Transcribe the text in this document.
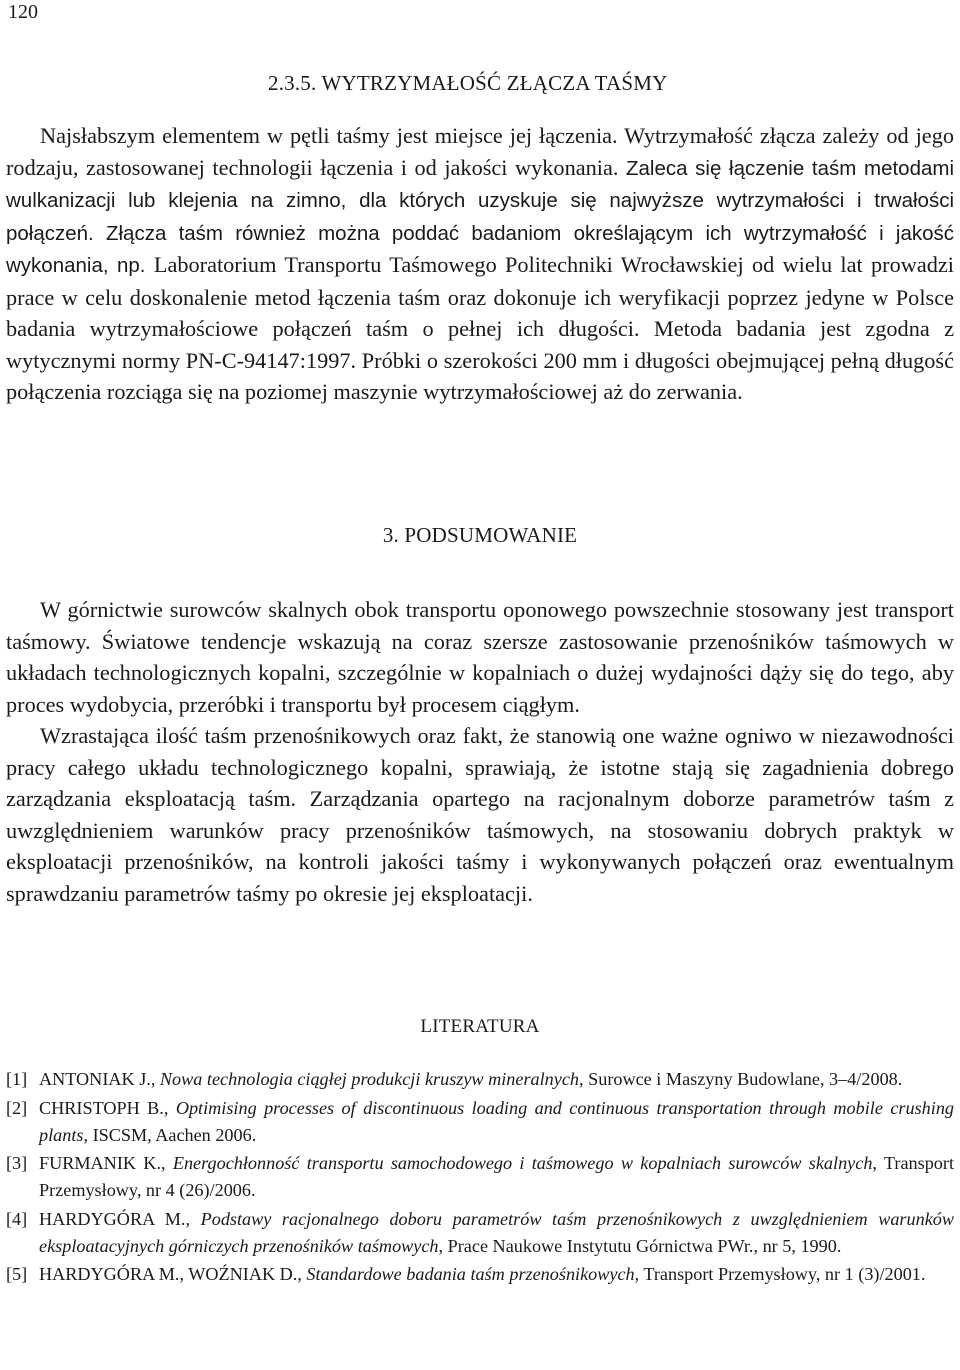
120
2.3.5. WYTRZYMAŁOŚĆ ZŁĄCZA TAŚMY

Najsłabszym elementem w pętli taśmy jest miejsce jej łączenia. Wytrzymałość złącza zależy od jego rodzaju, zastosowanej technologii łączenia i od jakości wykonania. Zaleca się łączenie taśm metodami wulkanizacji lub klejenia na zimno, dla których uzyskuje się najwyższe wytrzymałości i trwałości połączeń. Złącza taśm również można poddać badaniom określającym ich wytrzymałość i jakość wykonania, np. Laboratorium Transportu Taśmowego Politechniki Wrocławskiej od wielu lat prowadzi prace w celu doskonalenie metod łączenia taśm oraz dokonuje ich weryfikacji poprzez jedyne w Polsce badania wytrzymałościowe połączeń taśm o pełnej ich długości. Metoda badania jest zgodna z wytycznymi normy PN-C-94147:1997. Próbki o szerokości 200 mm i długości obejmującej pełną długość połączenia rozciąga się na poziomej maszynie wytrzymałościowej aż do zerwania.

3. PODSUMOWANIE

W górnictwie surowców skalnych obok transportu oponowego powszechnie stosowany jest transport taśmowy. Światowe tendencje wskazują na coraz szersze zastosowanie przenośników taśmowych w układach technologicznych kopalni, szczególnie w kopalniach o dużej wydajności dąży się do tego, aby proces wydobycia, przeróbki i transportu był procesem ciągłym.

Wzrastająca ilość taśm przenośnikowych oraz fakt, że stanowią one ważne ogniwo w niezawodności pracy całego układu technologicznego kopalni, sprawiają, że istotne stają się zagadnienia dobrego zarządzania eksploatacją taśm. Zarządzania opartego na racjonalnym doborze parametrów taśm z uwzględnieniem warunków pracy przenośników taśmowych, na stosowaniu dobrych praktyk w eksploatacji przenośników, na kontroli jakości taśmy i wykonywanych połączeń oraz ewentualnym sprawdzaniu parametrów taśmy po okresie jej eksploatacji.

LITERATURA
[1] ANTONIAK J., Nowa technologia ciągłej produkcji kruszyw mineralnych, Surowce i Maszyny Budowlane, 3–4/2008.
[2] CHRISTOPH B., Optimising processes of discontinuous loading and continuous transportation through mobile crushing plants, ISCSM, Aachen 2006.
[3] FURMANIK K., Energochłonność transportu samochodowego i taśmowego w kopalniach surowców skalnych, Transport Przemysłowy, nr 4 (26)/2006.
[4] HARDYGÓRA M., Podstawy racjonalnego doboru parametrów taśm przenośnikowych z uwzględnieniem warunków eksploatacyjnych górniczych przenośników taśmowych, Prace Naukowe Instytutu Górnictwa PWr., nr 5, 1990.
[5] HARDYGÓRA M., WOŹNIAK D., Standardowe badania taśm przenośnikowych, Transport Przemysłowy, nr 1 (3)/2001.
